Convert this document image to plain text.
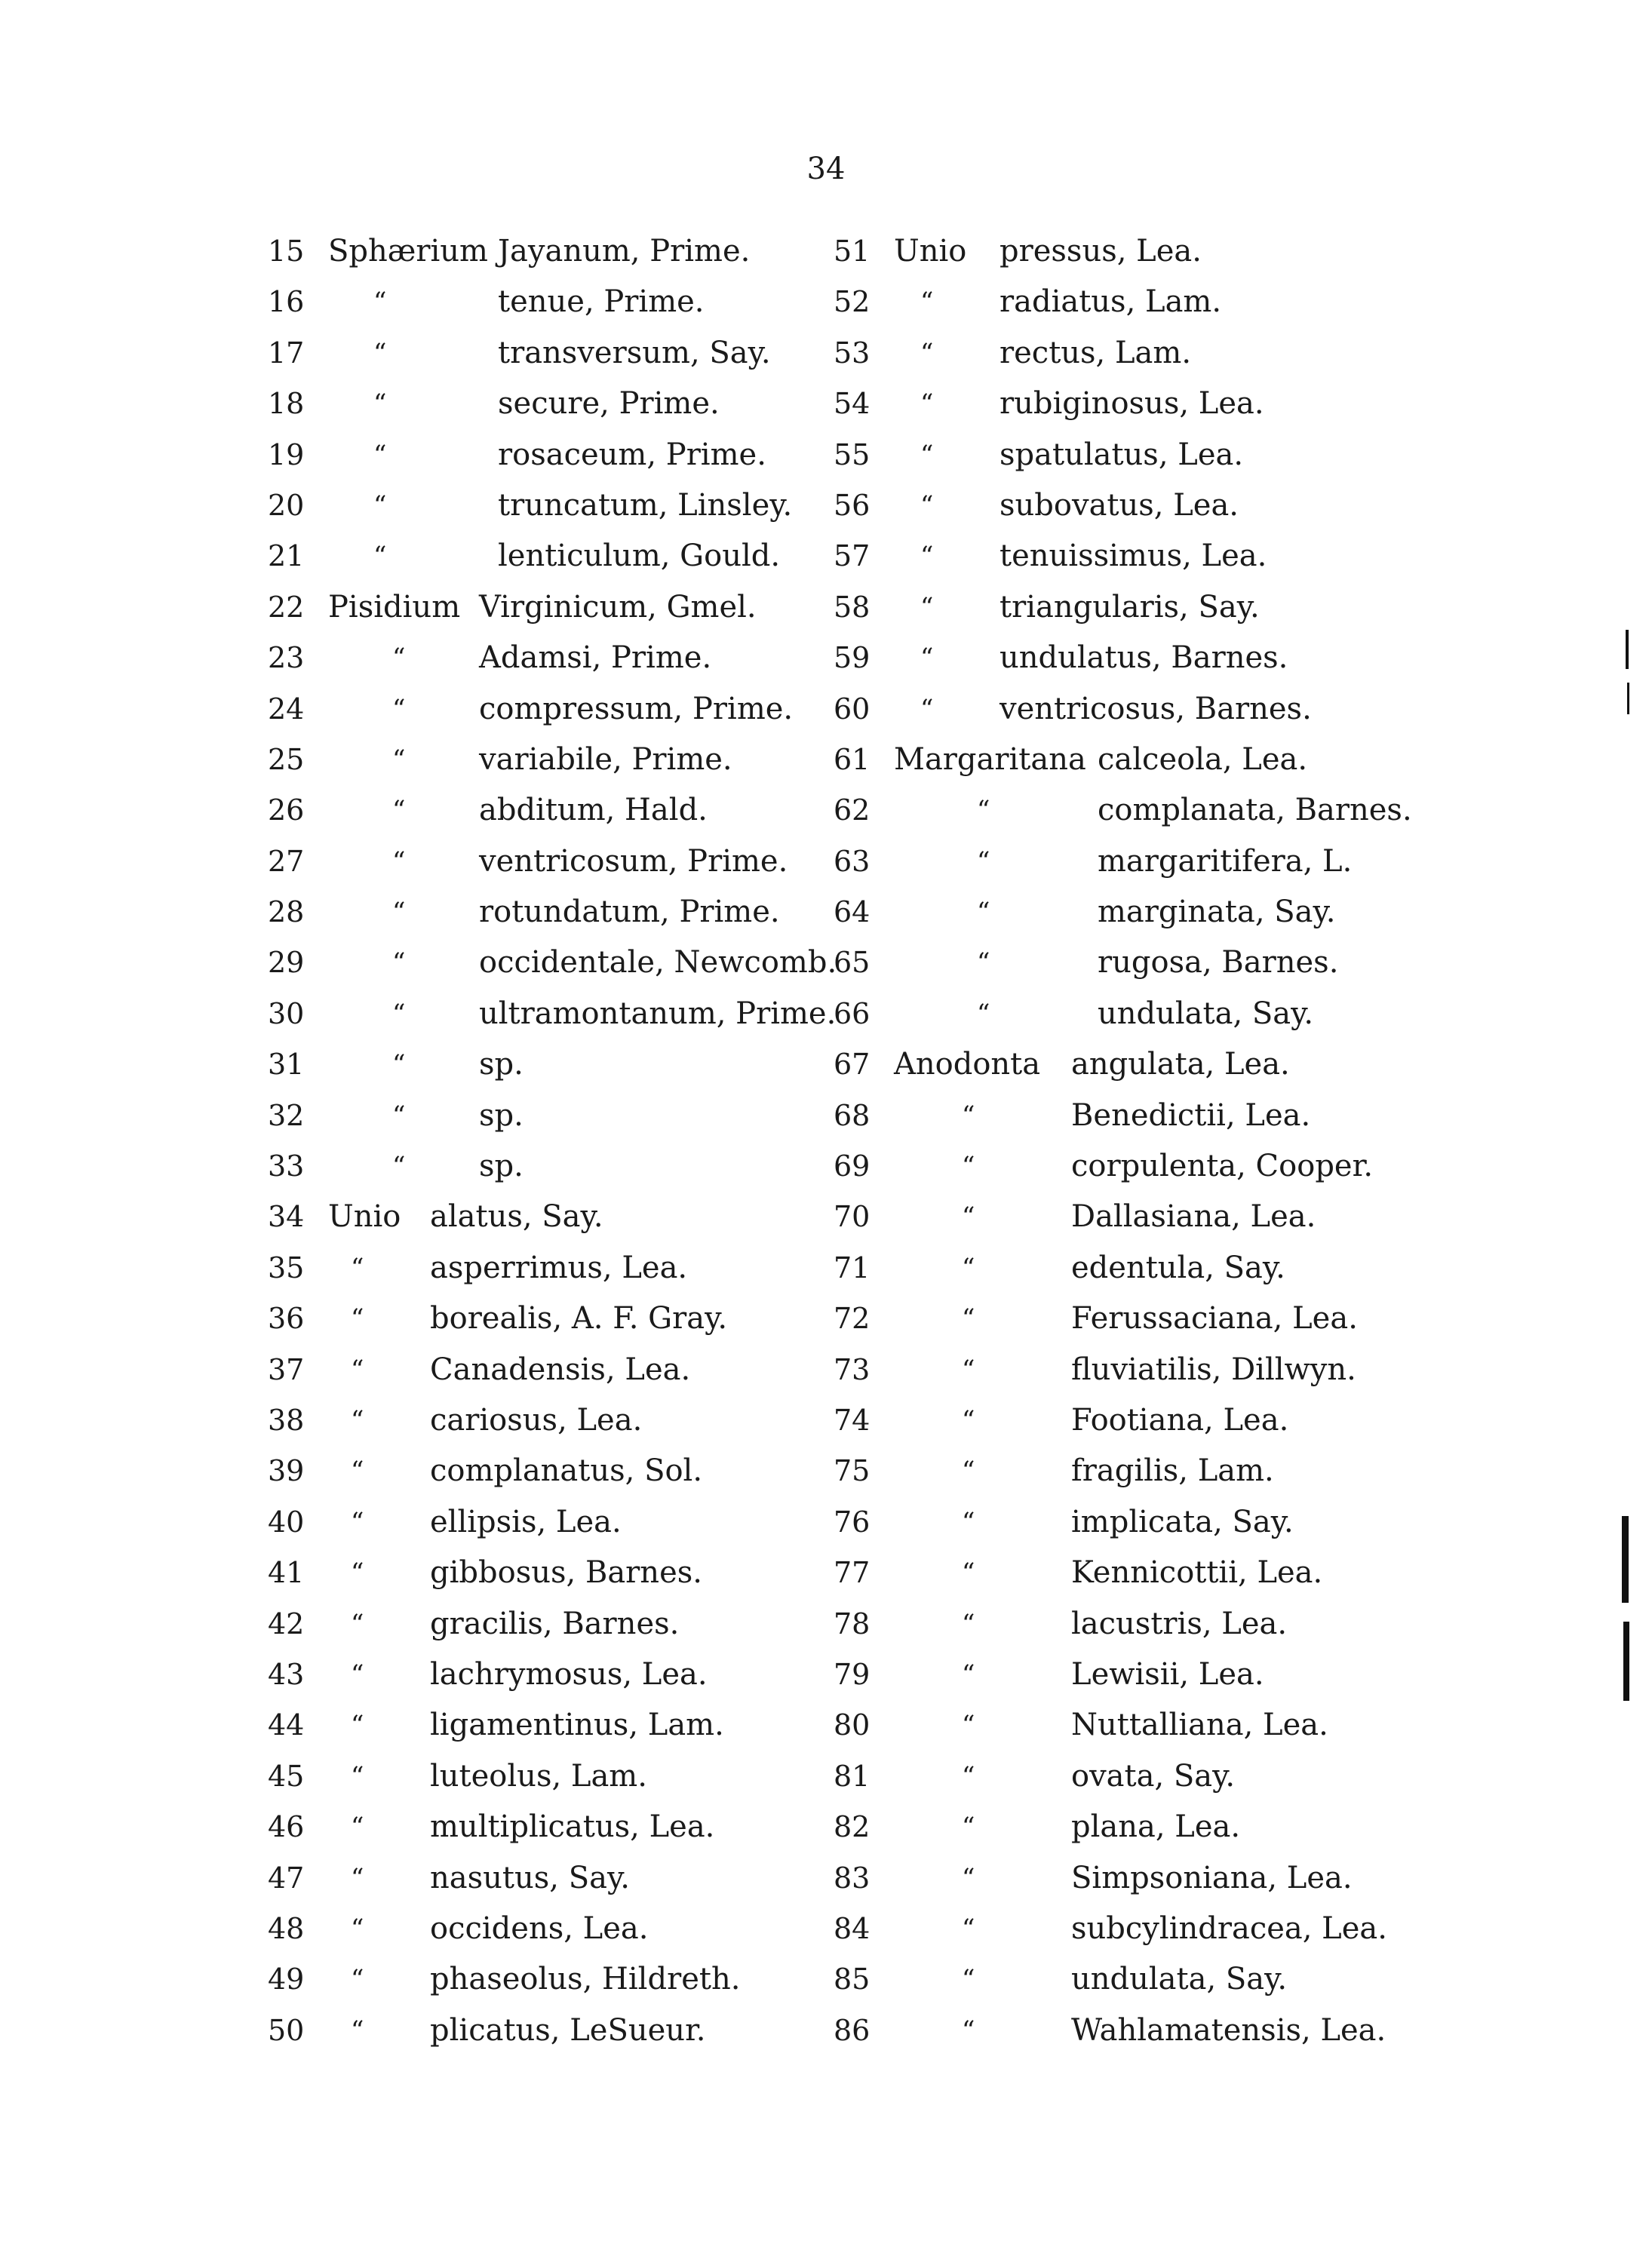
34
15 Sphærium Jayanum, Prime.
16	“	tenue, Prime.
17	“	transversum, Say.
18	“	secure, Prime.
19	“	rosaceum, Prime.
20	“	truncatum, Linsley.
21	“	lenticulum, Gould.
22 Pisidium Virginicum, Gmel.
23	“ Adamsi, Prime.
24	“ compressum, Prime.
25	“ variabile, Prime.
26	“ abditum, Hald.
27	“ ventricosum, Prime.
28	“ rotundatum, Prime.
29	“ occidentale, Newcomb.
30	“ ultramontanum, Prime.
31	“ sp.
32	“ sp.
33	“ sp.
34 Unio alatus, Say.
35	“ asperrimus, Lea.
36	“ borealis, A. F. Gray.
37	“ Canadensis, Lea.
38	“ cariosus, Lea.
39	“ complanatus, Sol.
40	“ ellipsis, Lea.
41	“ gibbosus, Barnes.
42	“ gracilis, Barnes.
43	“ lachrymosus, Lea.
44	“ ligamentinus, Lam.
45	“ luteolus, Lam.
46	“ multiplicatus, Lea.
47	“ nasutus, Say.
48	“ occidens, Lea.
49	“ phaseolus, Hildreth.
50	“ plicatus, LeSueur.
51 Unio pressus, Lea.
52	“ radiatus, Lam.
53	“ rectus, Lam.
54	“ rubiginosus, Lea.
55	“ spatulatus, Lea.
56	“ subovatus, Lea.
57	“ tenuissimus, Lea.
58	“ triangularis, Say.
59	“ undulatus, Barnes.
60	“ ventricosus, Barnes.
61 Margaritana calceola, Lea.
62	“	complanata, Barnes.
63	“	margaritifera, L.
64	“	marginata, Say.
65	“	rugosa, Barnes.
66	“	undulata, Say.
67 Anodonta angulata, Lea.
68	“	Benedictii, Lea.
69	“	corpulenta, Cooper.
70	“	Dallasiana, Lea.
71	“	edentula, Say.
72	“	Ferussaciana, Lea.
73	“	fluviatilis, Dillwyn.
74	“	Footiana, Lea.
75	“	fragilis, Lam.
76	“	implicata, Say.
77	“	Kennicottii, Lea.
78	“	lacustris, Lea.
79	“	Lewisii, Lea.
80	“	Nuttalliana, Lea.
81	“	ovata, Say.
82	“	plana, Lea.
83	“	Simpsoniana, Lea.
84	“	subcylindracea, Lea.
85	“	undulata, Say.
86	“	Wahlamatensis, Lea.
